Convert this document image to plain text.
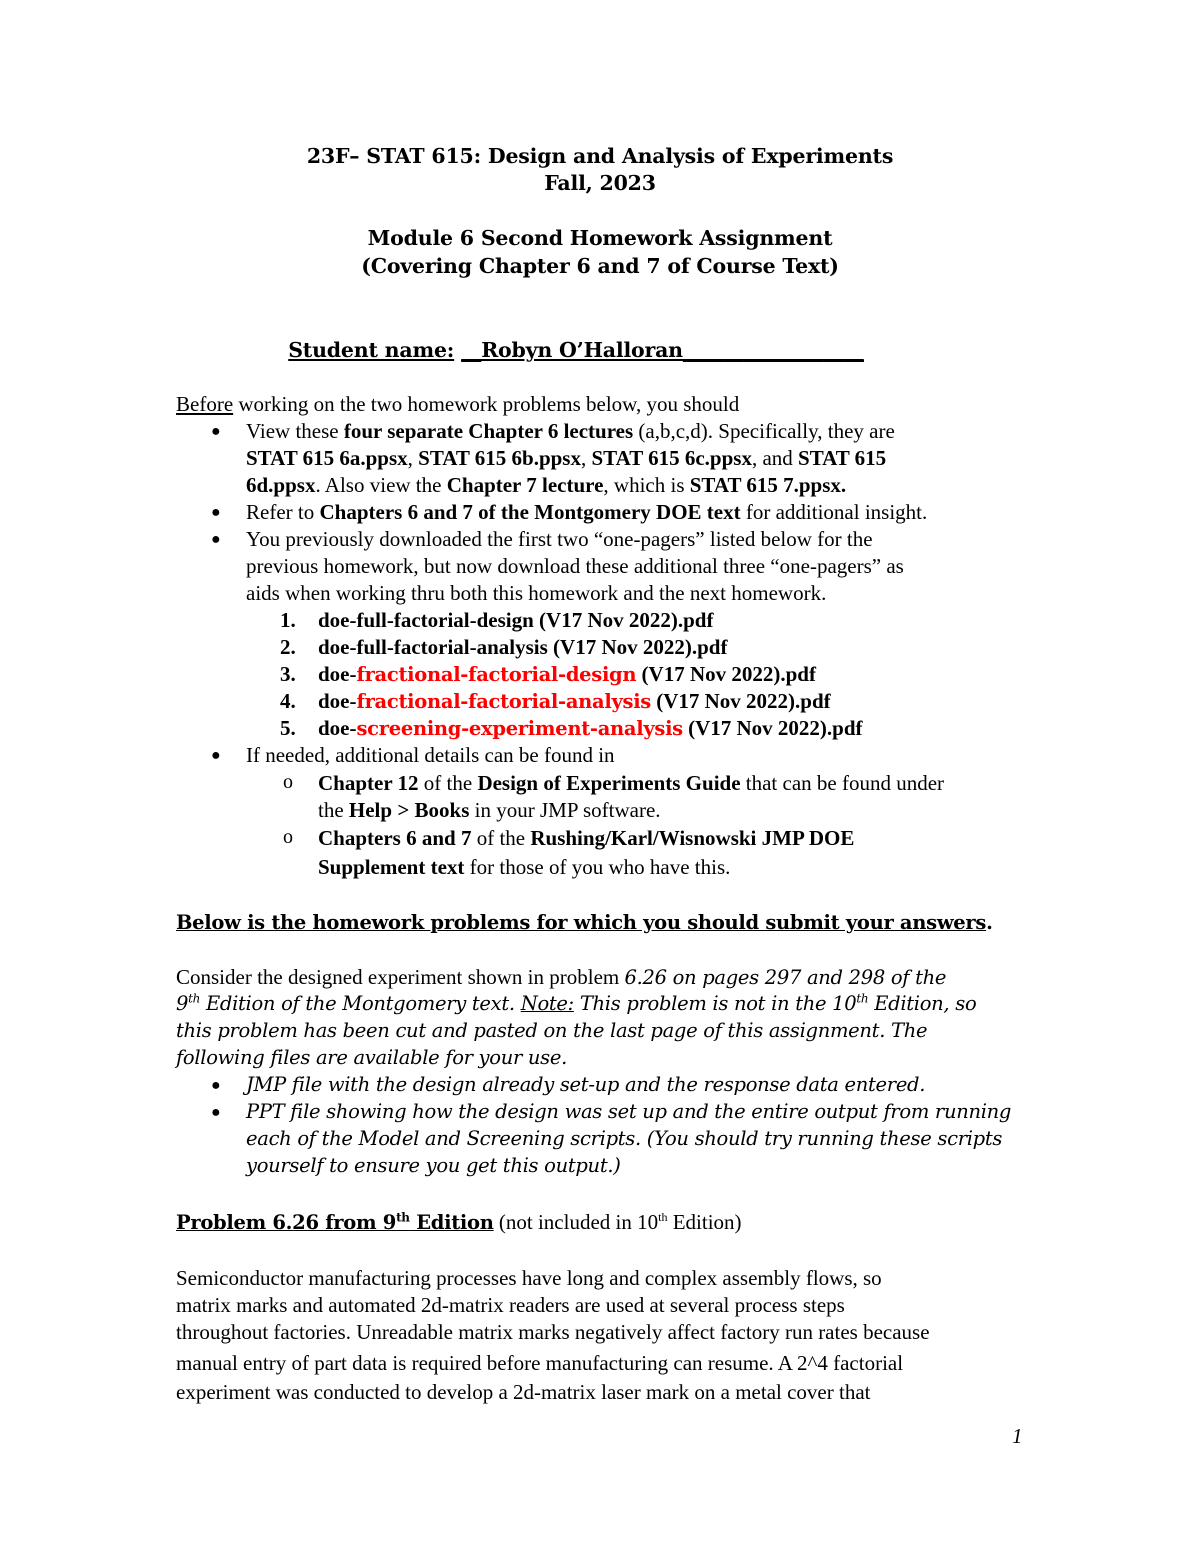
23F– STAT 615: Design and Analysis of Experiments
Fall, 2023
Module 6 Second Homework Assignment
(Covering Chapter 6 and 7 of Course Text)
Student name: __Robyn O’Halloran__________________
Before working on the two homework problems below, you should
● View these four separate Chapter 6 lectures (a,b,c,d). Specifically, they are
STAT 615 6a.ppsx, STAT 615 6b.ppsx, STAT 615 6c.ppsx, and STAT 615
6d.ppsx. Also view the Chapter 7 lecture, which is STAT 615 7.ppsx.
● Refer to Chapters 6 and 7 of the Montgomery DOE text for additional insight.
● You previously downloaded the first two “one-pagers” listed below for the
previous homework, but now download these additional three “one-pagers” as
aids when working thru both this homework and the next homework.
1. doe-full-factorial-design (V17 Nov 2022).pdf
2. doe-full-factorial-analysis (V17 Nov 2022).pdf
3. doe-fractional-factorial-design (V17 Nov 2022).pdf
4. doe-fractional-factorial-analysis (V17 Nov 2022).pdf
5. doe-screening-experiment-analysis (V17 Nov 2022).pdf
● If needed, additional details can be found in
o Chapter 12 of the Design of Experiments Guide that can be found under
the Help > Books in your JMP software.
o Chapters 6 and 7 of the Rushing/Karl/Wisnowski JMP DOE
Supplement text for those of you who have this.
Below is the homework problems for which you should submit your answers.
Consider the designed experiment shown in problem 6.26 on pages 297 and 298 of the
9th Edition of the Montgomery text. Note: This problem is not in the 10th Edition, so
this problem has been cut and pasted on the last page of this assignment. The
following files are available for your use.
● JMP file with the design already set-up and the response data entered.
● PPT file showing how the design was set up and the entire output from running
each of the Model and Screening scripts. (You should try running these scripts
yourself to ensure you get this output.)
Problem 6.26 from 9th Edition (not included in 10th Edition)
Semiconductor manufacturing processes have long and complex assembly flows, so
matrix marks and automated 2d-matrix readers are used at several process steps
throughout factories. Unreadable matrix marks negatively affect factory run rates because
manual entry of part data is required before manufacturing can resume. A 2^4 factorial
experiment was conducted to develop a 2d-matrix laser mark on a metal cover that
1
